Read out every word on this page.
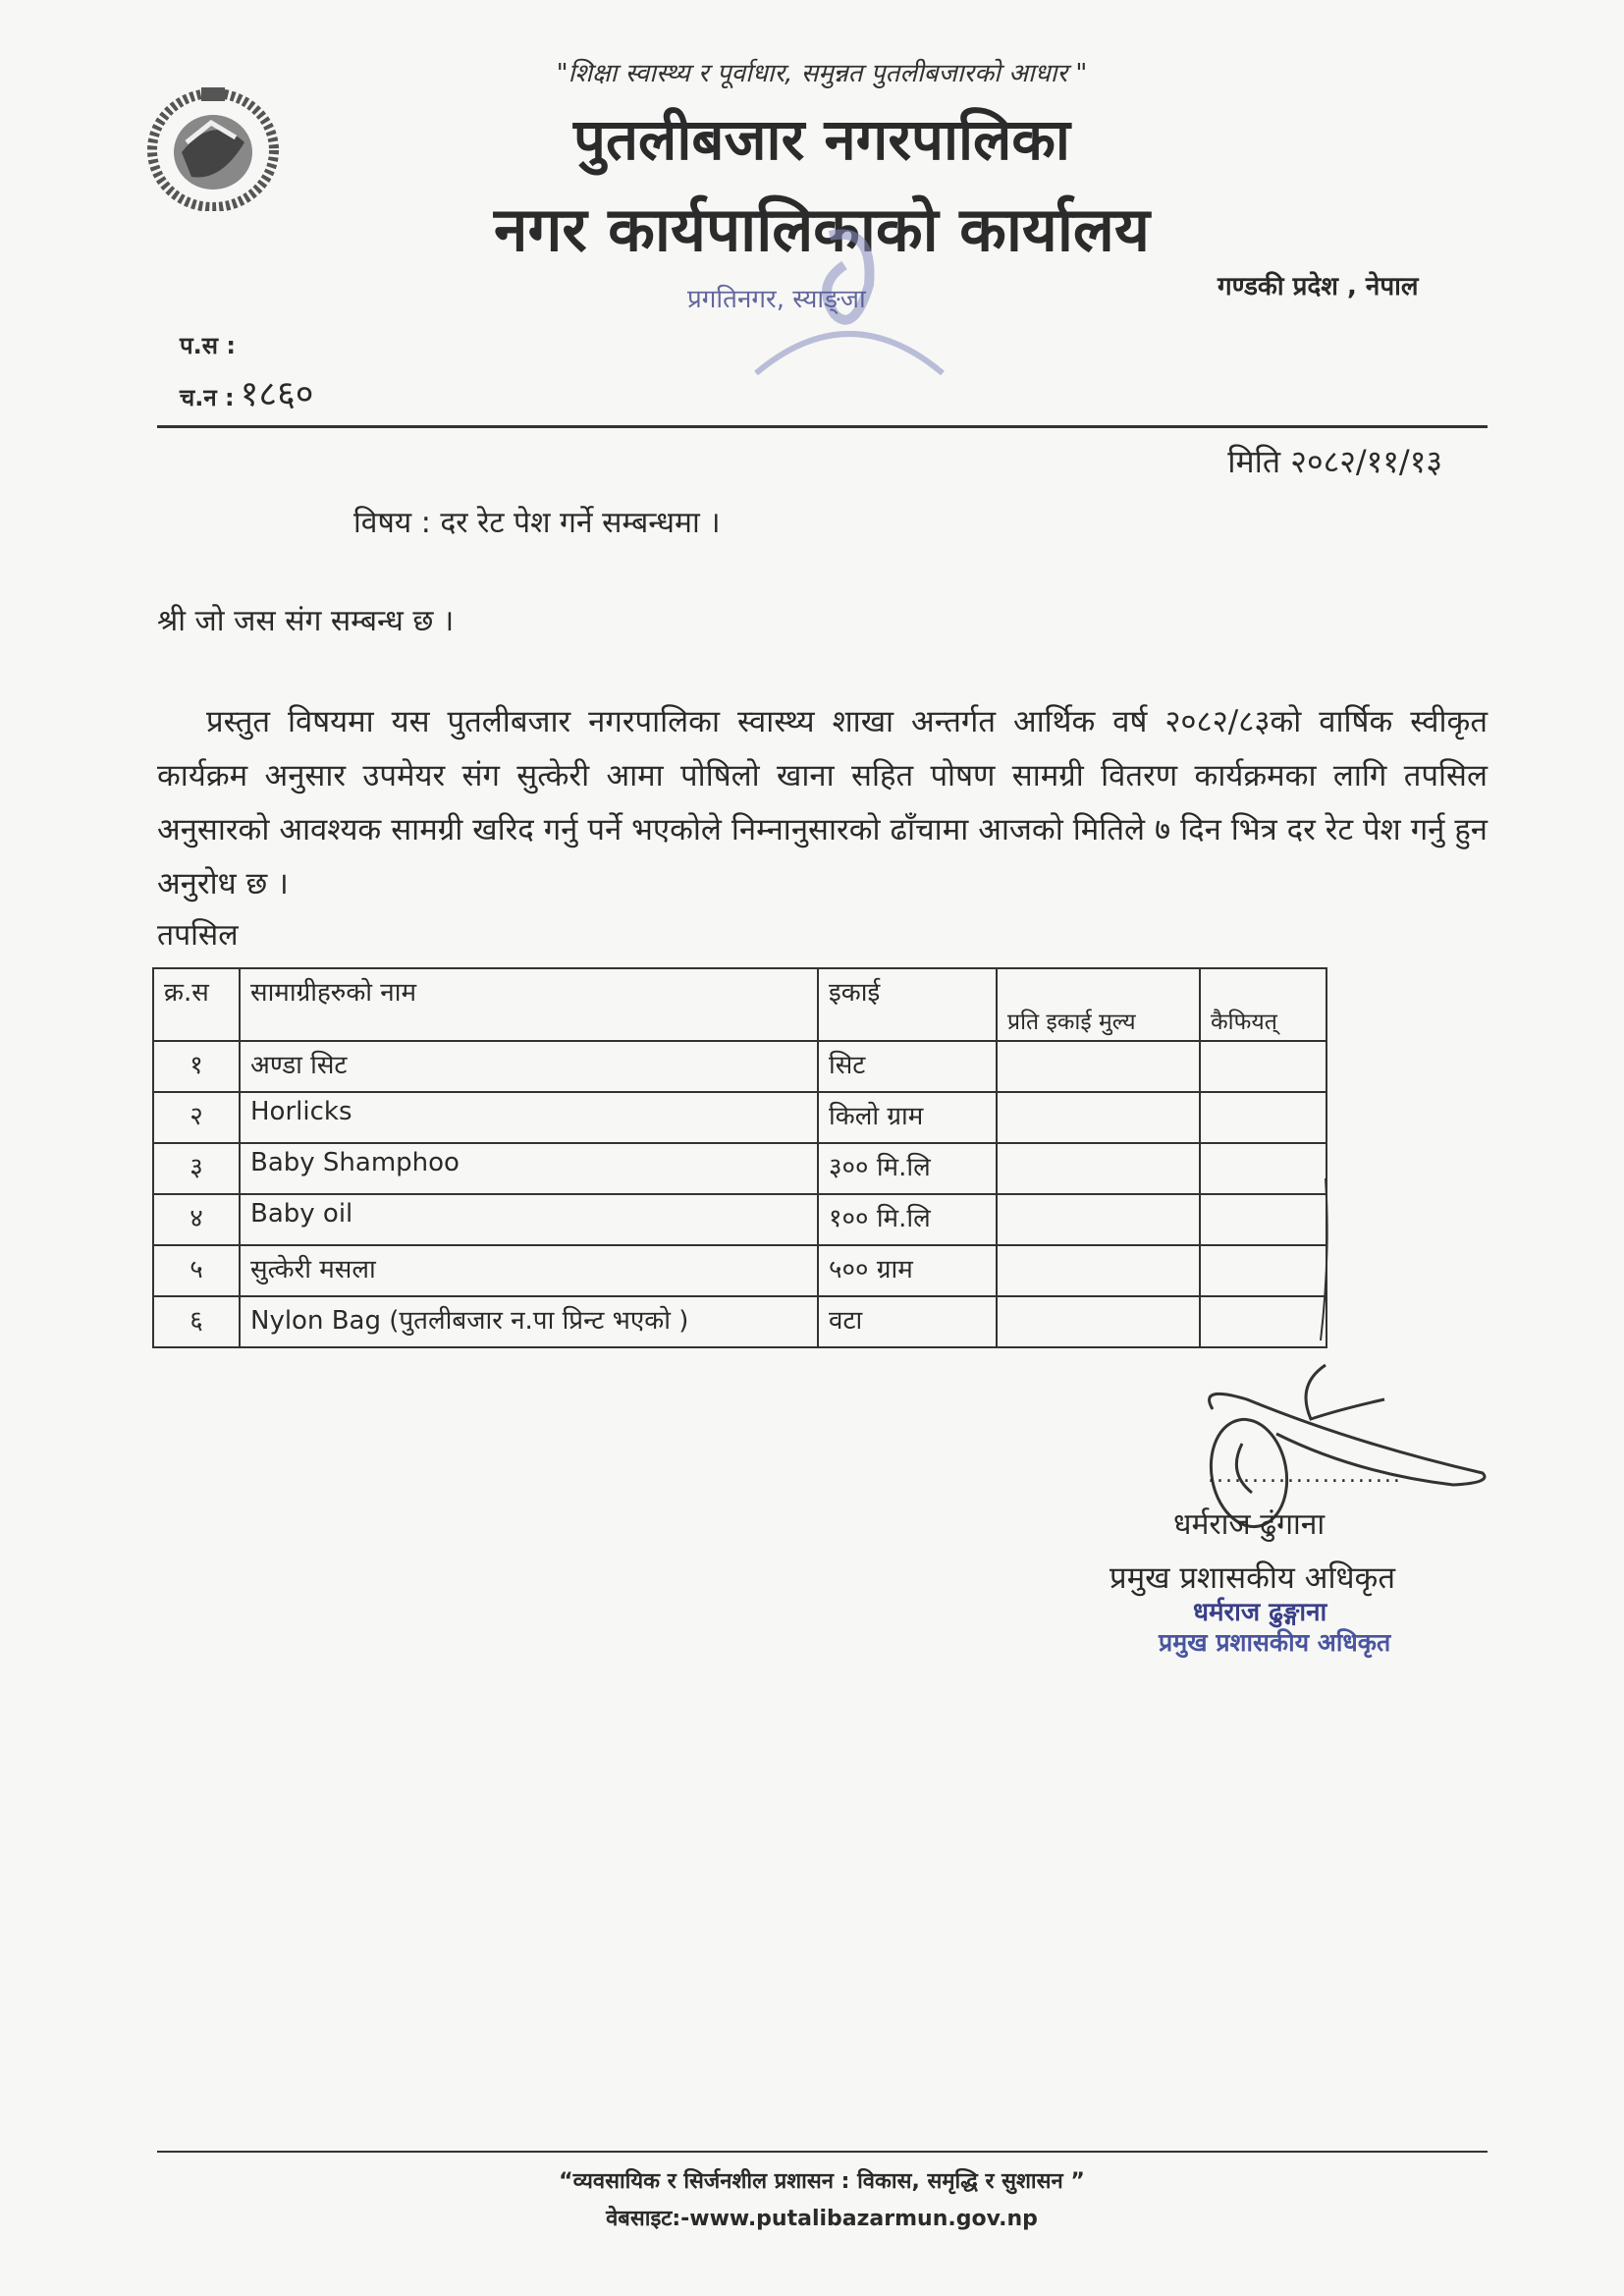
"शिक्षा स्वास्थ्य र पूर्वाधार, समुन्नत पुतलीबजारको आधार "
पुतलीबजार नगरपालिका
नगर कार्यपालिकाको कार्यालय
प्रगतिनगर, स्याङ्जा	गण्डकी प्रदेश , नेपाल
प.स :
च.न : १८६०
मिति २०८२/११/१३
विषय : दर रेट पेश गर्ने सम्बन्धमा ।
श्री जो जस संग सम्बन्ध छ ।
प्रस्तुत विषयमा यस पुतलीबजार नगरपालिका स्वास्थ्य शाखा अन्तर्गत आर्थिक वर्ष २०८२/८३को वार्षिक स्वीकृत कार्यक्रम अनुसार उपमेयर संग सुत्केरी आमा पोषिलो खाना सहित पोषण सामग्री वितरण कार्यक्रमका लागि तपसिल अनुसारको आवश्यक सामग्री खरिद गर्नु पर्ने भएकोले निम्नानुसारको ढाँचामा आजको मितिले ७ दिन भित्र दर रेट पेश गर्नु हुन अनुरोध छ ।
तपसिल
क्र.स	सामाग्रीहरुको नाम	इकाई	प्रति इकाई मुल्य	कैफियत्
१	अण्डा सिट	सिट		
२	Horlicks	किलो ग्राम		
३	Baby Shamphoo	३०० मि.लि		
४	Baby oil	१०० मि.लि		
५	सुत्केरी मसला	५०० ग्राम		
६	Nylon Bag (पुतलीबजार न.पा प्रिन्ट भएको )	वटा		
......................
धर्मराज ढुंगाना
प्रमुख प्रशासकीय अधिकृत
धर्मराज ढुङ्गाना
प्रमुख प्रशासकीय अधिकृत
“व्यवसायिक र सिर्जनशील प्रशासन : विकास, समृद्धि र सुशासन ”
वेबसाइट:-www.putalibazarmun.gov.np
